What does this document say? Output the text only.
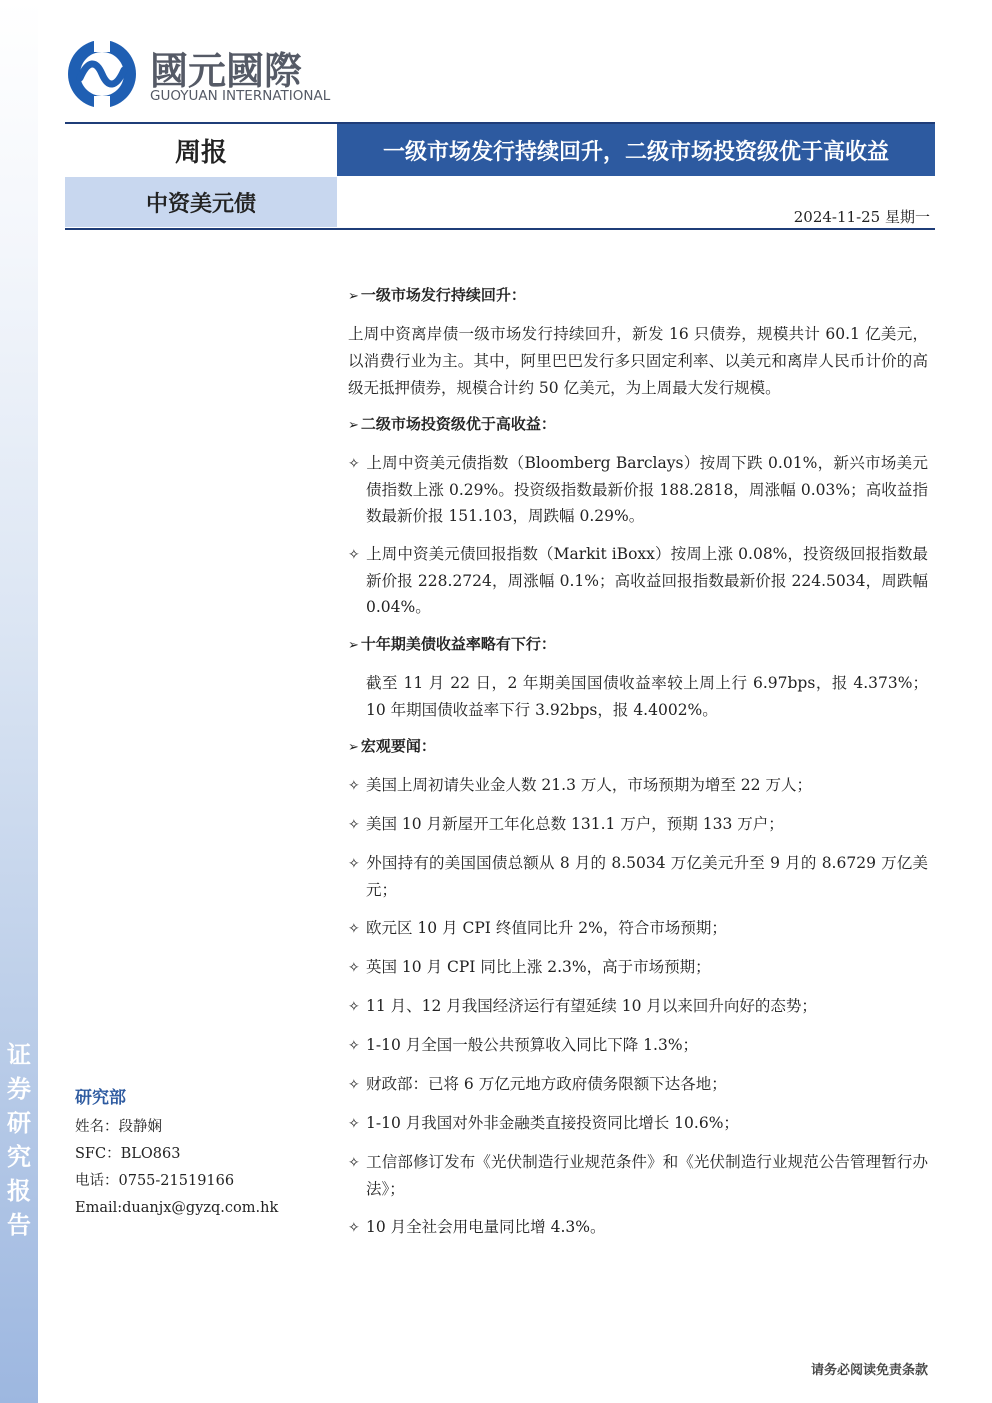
证
券
研
究
报
告
國元國際
GUOYUAN INTERNATIONAL
周报	一级市场发行持续回升，二级市场投资级优于高收益
中资美元债
2024-11-25 星期一
➢ 一级市场发行持续回升：

上周中资离岸债一级市场发行持续回升，新发 16 只债券，规模共计 60.1 亿美元，以消费行业为主。其中，阿里巴巴发行多只固定利率、以美元和离岸人民币计价的高级无抵押债券，规模合计约 50 亿美元，为上周最大发行规模。

➢ 二级市场投资级优于高收益：
✧ 上周中资美元债指数（Bloomberg Barclays）按周下跌 0.01%，新兴市场美元债指数上涨 0.29%。投资级指数最新价报 188.2818，周涨幅 0.03%；高收益指数最新价报 151.103，周跌幅 0.29%。
✧ 上周中资美元债回报指数（Markit iBoxx）按周上涨 0.08%，投资级回报指数最新价报 228.2724，周涨幅 0.1%；高收益回报指数最新价报 224.5034，周跌幅 0.04%。
➢ 十年期美债收益率略有下行：

截至 11 月 22 日，2 年期美国国债收益率较上周上行 6.97bps，报 4.373%；10 年期国债收益率下行 3.92bps，报 4.4002%。

➢ 宏观要闻：
✧ 美国上周初请失业金人数 21.3 万人，市场预期为增至 22 万人；
✧ 美国 10 月新屋开工年化总数 131.1 万户，预期 133 万户；
✧ 外国持有的美国国债总额从 8 月的 8.5034 万亿美元升至 9 月的 8.6729 万亿美元；
✧ 欧元区 10 月 CPI 终值同比升 2%，符合市场预期；
✧ 英国 10 月 CPI 同比上涨 2.3%，高于市场预期；
✧ 11 月、12 月我国经济运行有望延续 10 月以来回升向好的态势；
✧ 1-10 月全国一般公共预算收入同比下降 1.3%；
✧ 财政部：已将 6 万亿元地方政府债务限额下达各地；
✧ 1-10 月我国对外非金融类直接投资同比增长 10.6%；
✧ 工信部修订发布《光伏制造行业规范条件》和《光伏制造行业规范公告管理暂行办法》；
✧ 10 月全社会用电量同比增 4.3%。
研究部
姓名：段静娴
SFC：BLO863
电话：0755-21519166
Email:duanjx@gyzq.com.hk
请务必阅读免责条款
